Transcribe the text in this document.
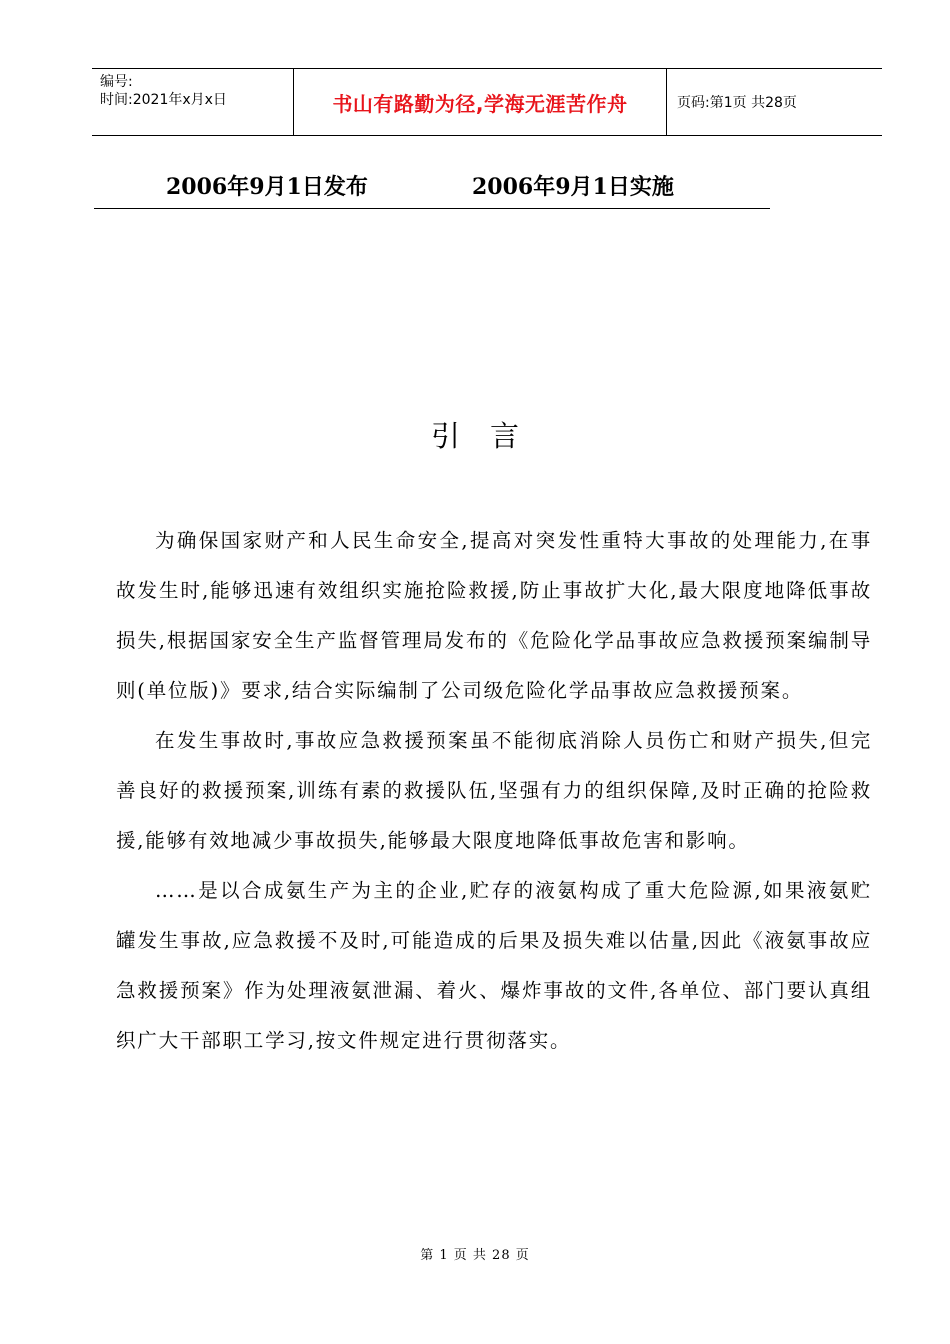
编号:
时间:2021年x月x日	书山有路勤为径,学海无涯苦作舟	页码:第1页 共28页
2006年9月1日发布	2006年9月1日实施
引言

为确保国家财产和人民生命安全,提高对突发性重特大事故的处理能力,在事故发生时,能够迅速有效组织实施抢险救援,防止事故扩大化,最大限度地降低事故损失,根据国家安全生产监督管理局发布的《危险化学品事故应急救援预案编制导则(单位版)》要求,结合实际编制了公司级危险化学品事故应急救援预案。

在发生事故时,事故应急救援预案虽不能彻底消除人员伤亡和财产损失,但完善良好的救援预案,训练有素的救援队伍,坚强有力的组织保障,及时正确的抢险救援,能够有效地减少事故损失,能够最大限度地降低事故危害和影响。

……是以合成氨生产为主的企业,贮存的液氨构成了重大危险源,如果液氨贮罐发生事故,应急救援不及时,可能造成的后果及损失难以估量,因此《液氨事故应急救援预案》作为处理液氨泄漏、着火、爆炸事故的文件,各单位、部门要认真组织广大干部职工学习,按文件规定进行贯彻落实。

第 1 页 共 28 页
